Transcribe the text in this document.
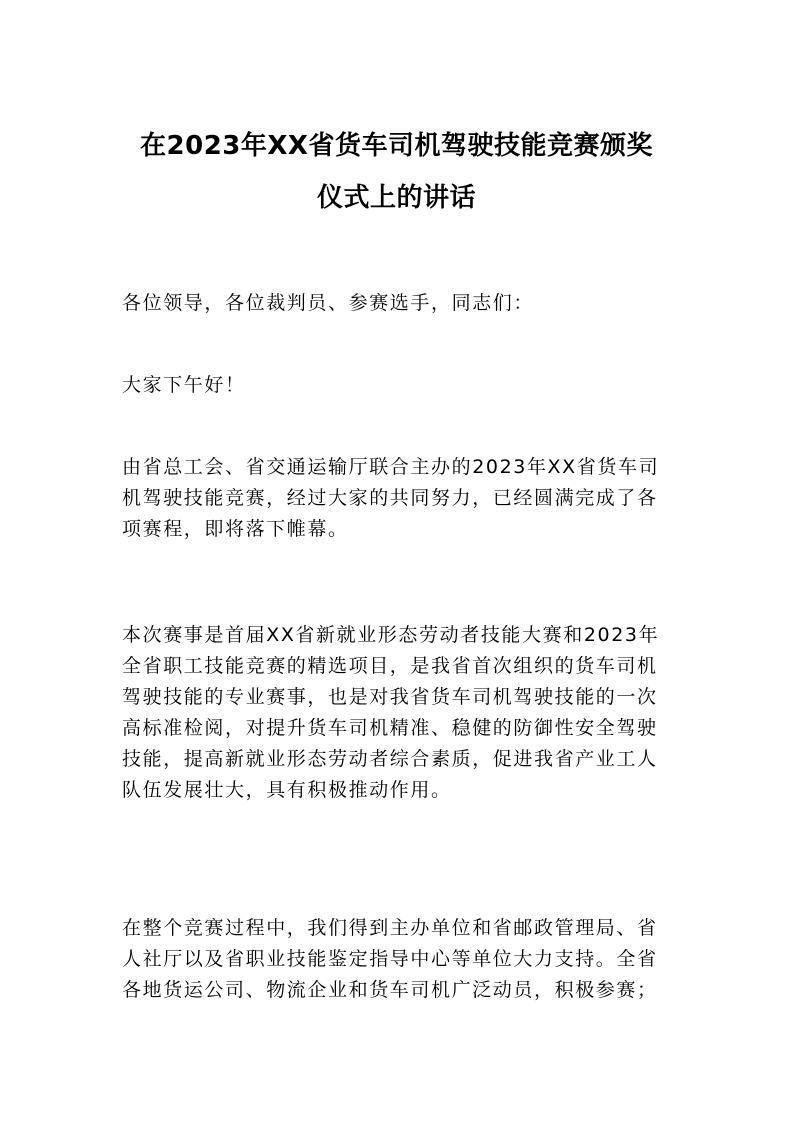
在2023年XX省货车司机驾驶技能竞赛颁奖
仪式上的讲话

各位领导，各位裁判员、参赛选手，同志们：

大家下午好！

由省总工会、省交通运输厅联合主办的2023年XX省货车司
机驾驶技能竞赛，经过大家的共同努力，已经圆满完成了各
项赛程，即将落下帷幕。

本次赛事是首届XX省新就业形态劳动者技能大赛和2023年
全省职工技能竞赛的精选项目，是我省首次组织的货车司机
驾驶技能的专业赛事，也是对我省货车司机驾驶技能的一次
高标准检阅，对提升货车司机精准、稳健的防御性安全驾驶
技能，提高新就业形态劳动者综合素质，促进我省产业工人
队伍发展壮大，具有积极推动作用。

在整个竞赛过程中，我们得到主办单位和省邮政管理局、省
人社厅以及省职业技能鉴定指导中心等单位大力支持。全省
各地货运公司、物流企业和货车司机广泛动员，积极参赛；
